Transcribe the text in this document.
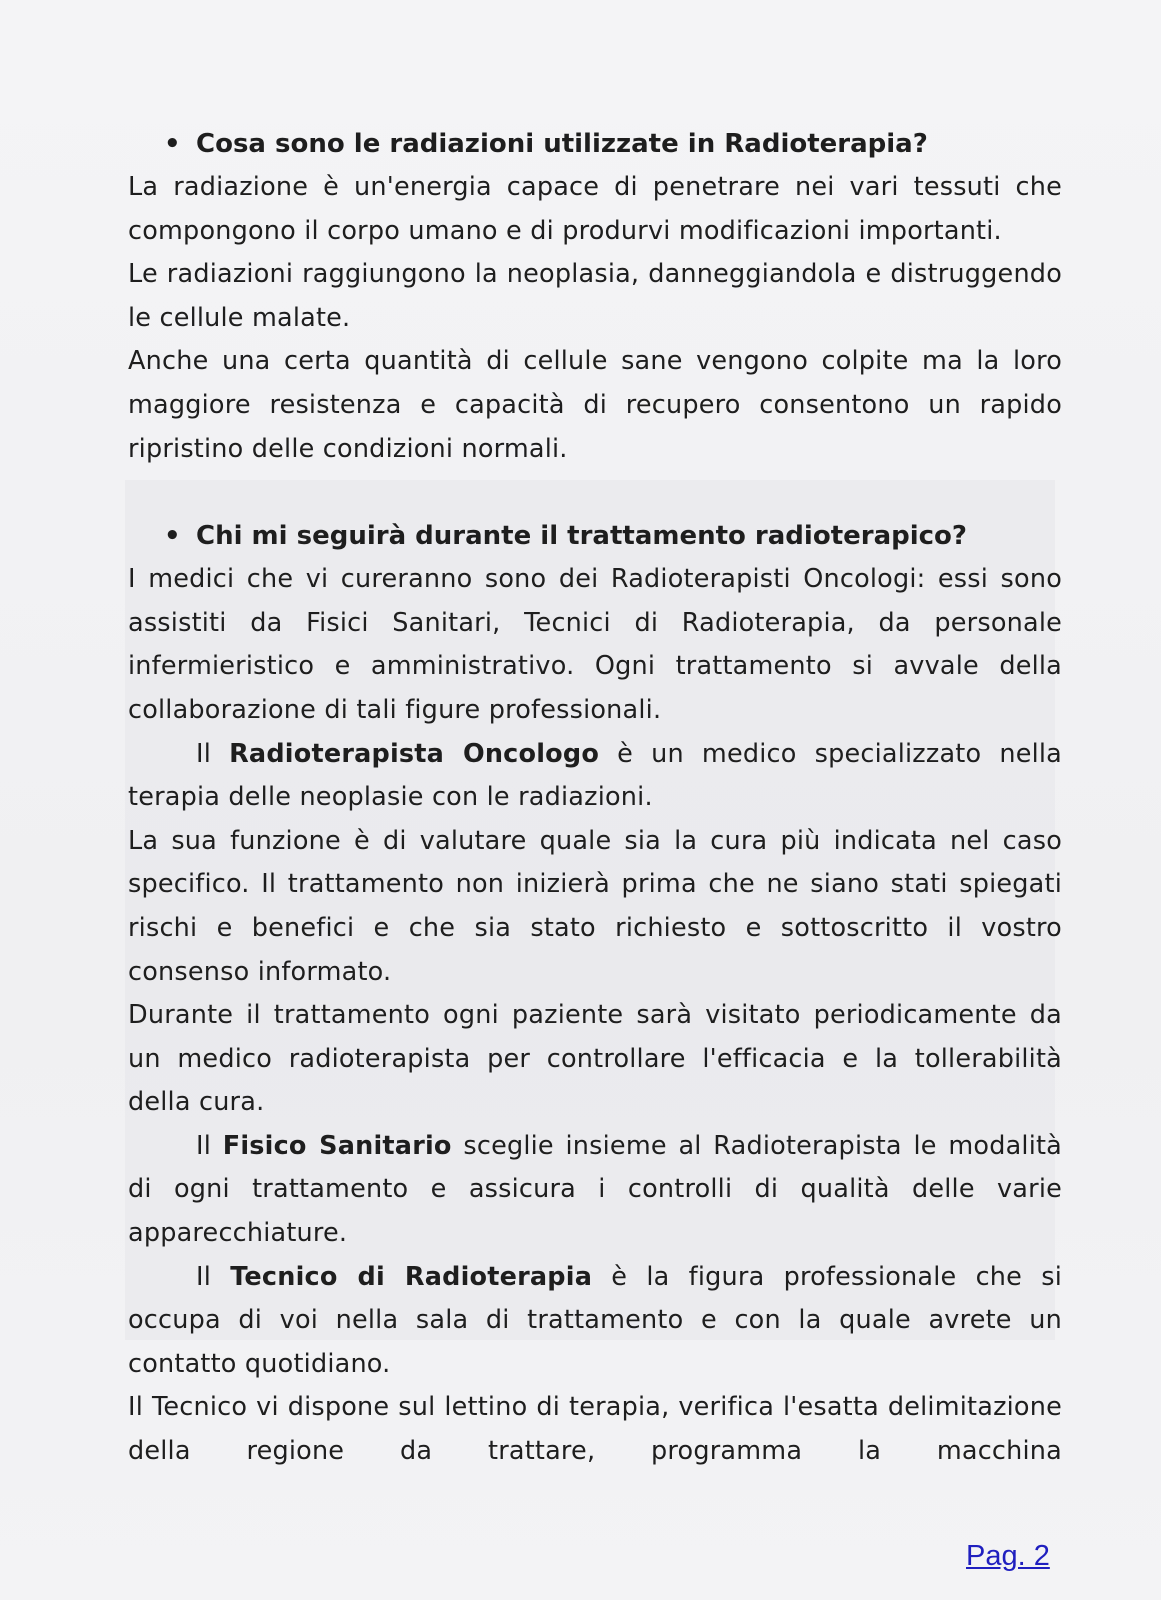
• Cosa sono le radiazioni utilizzate in Radioterapia?

La radiazione è un'energia capace di penetrare nei vari tessuti che compongono il corpo umano e di produrvi modificazioni importanti.

Le radiazioni raggiungono la neoplasia, danneggiandola e distruggendo le cellule malate.

Anche una certa quantità di cellule sane vengono colpite ma la loro maggiore resistenza e capacità di recupero consentono un rapido ripristino delle condizioni normali.

• Chi mi seguirà durante il trattamento radioterapico?

I medici che vi cureranno sono dei Radioterapisti Oncologi: essi sono assistiti da Fisici Sanitari, Tecnici di Radioterapia, da personale infermieristico e amministrativo. Ogni trattamento si avvale della collaborazione di tali figure professionali.

Il Radioterapista Oncologo è un medico specializzato nella terapia delle neoplasie con le radiazioni.

La sua funzione è di valutare quale sia la cura più indicata nel caso specifico. Il trattamento non inizierà prima che ne siano stati spiegati rischi e benefici e che sia stato richiesto e sottoscritto il vostro consenso informato.

Durante il trattamento ogni paziente sarà visitato periodicamente da un medico radioterapista per controllare l'efficacia e la tollerabilità della cura.

Il Fisico Sanitario sceglie insieme al Radioterapista le modalità di ogni trattamento e assicura i controlli di qualità delle varie apparecchiature.

Il Tecnico di Radioterapia è la figura professionale che si occupa di voi nella sala di trattamento e con la quale avrete un contatto quotidiano.

Il Tecnico vi dispone sul lettino di terapia, verifica l'esatta delimitazione della regione da trattare, programma la macchina

Pag. 2
